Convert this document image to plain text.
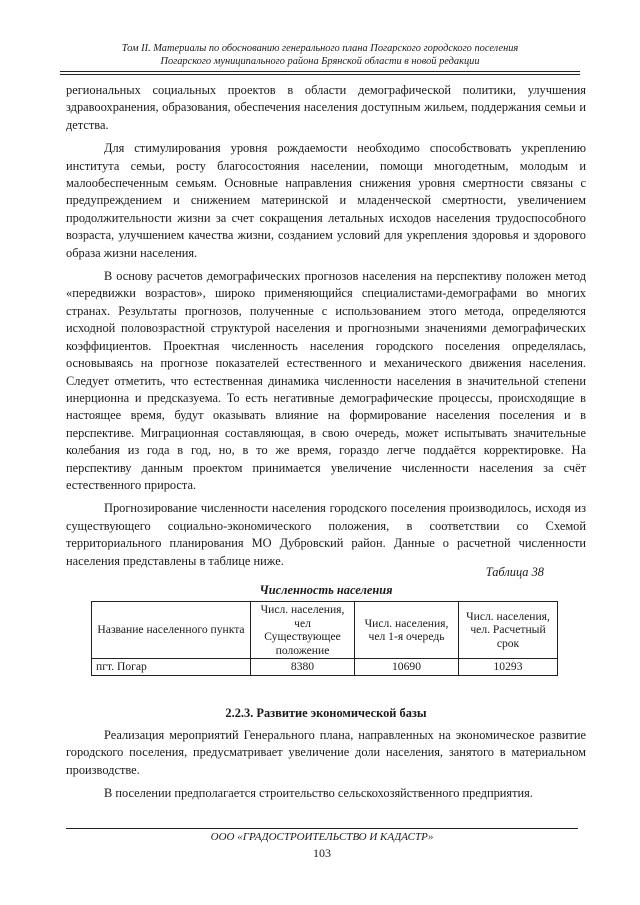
Том II. Материалы по обоснованию генерального плана Погарского городского поселения
Погарского муниципального района Брянской области в новой редакции

региональных социальных проектов в области демографической политики, улучшения здравоохранения, образования, обеспечения населения доступным жильем, поддержания семьи и детства.

Для стимулирования уровня рождаемости необходимо способствовать укреплению института семьи, росту благосостояния населении, помощи многодетным, молодым и малообеспеченным семьям. Основные направления снижения уровня смертности связаны с предупреждением и снижением материнской и младенческой смертности, увеличением продолжительности жизни за счет сокращения летальных исходов населения трудоспособного возраста, улучшением качества жизни, созданием условий для укрепления здоровья и здорового образа жизни населения.

В основу расчетов демографических прогнозов населения на перспективу положен метод «передвижки возрастов», широко применяющийся специалистами-демографами во многих странах. Результаты прогнозов, полученные с использованием этого метода, определяются исходной половозрастной структурой населения и прогнозными значениями демографических коэффициентов. Проектная численность населения городского поселения определялась, основываясь на прогнозе показателей естественного и механического движения населения. Следует отметить, что естественная динамика численности населения в значительной степени инерционна и предсказуема. То есть негативные демографические процессы, происходящие в настоящее время, будут оказывать влияние на формирование населения поселения и в перспективе. Миграционная составляющая, в свою очередь, может испытывать значительные колебания из года в год, но, в то же время, гораздо легче поддаётся корректировке. На перспективу данным проектом принимается увеличение численности населения за счёт естественного прироста.

Прогнозирование численности населения городского поселения производилось, исходя из существующего социально-экономического положения, в соответствии со Схемой территориального планирования МО Дубровский район. Данные о расчетной численности населения представлены в таблице ниже.

Таблица 38
Численность населения
Название населенного пункта	Числ. населения, чел Существующее положение	Числ. населения, чел 1-я очередь	Числ. населения, чел. Расчетный срок
пгт. Погар	8380	10690	10293
2.2.3. Развитие экономической базы

Реализация мероприятий Генерального плана, направленных на экономическое развитие городского поселения, предусматривает увеличение доли населения, занятого в материальном производстве.

В поселении предполагается строительство сельскохозяйственного предприятия.

ООО «ГРАДОСТРОИТЕЛЬСТВО И КАДАСТР»
103
